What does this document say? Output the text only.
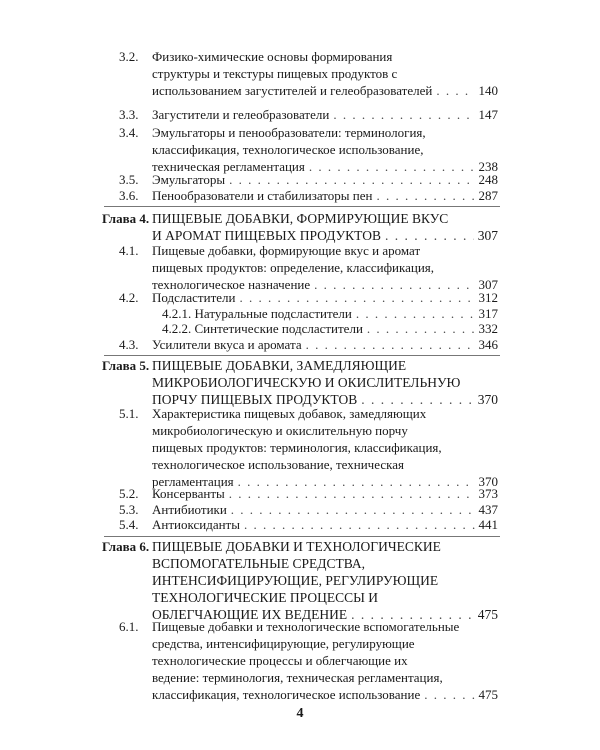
3.2. Физико-химические основы формирования
структуры и текстуры пищевых продуктов с
использованием загустителей и гелеобразователей . . .	140
3.3. Загустители и гелеобразователи . . .	147
3.4. Эмульгаторы и пенообразователи: терминология,
классификация, технологическое использование,
техническая регламентация . . .	238
3.5. Эмульгаторы . . .	248
3.6. Пенообразователи и стабилизаторы пен . . .	287
Глава 4. ПИЩЕВЫЕ ДОБАВКИ, ФОРМИРУЮЩИЕ ВКУС
И АРОМАТ ПИЩЕВЫХ ПРОДУКТОВ . . .	307
4.1. Пищевые добавки, формирующие вкус и аромат
пищевых продуктов: определение, классификация,
технологическое назначение . . .	307
4.2. Подсластители . . .	312
4.2.1. Натуральные подсластители . . .	317
4.2.2. Синтетические подсластители . . .	332
4.3. Усилители вкуса и аромата . . .	346
Глава 5. ПИЩЕВЫЕ ДОБАВКИ, ЗАМЕДЛЯЮЩИЕ
МИКРОБИОЛОГИЧЕСКУЮ И ОКИСЛИТЕЛЬНУЮ
ПОРЧУ ПИЩЕВЫХ ПРОДУКТОВ . . .	370
5.1. Характеристика пищевых добавок, замедляющих
микробиологическую и окислительную порчу
пищевых продуктов: терминология, классификация,
технологическое использование, техническая
регламентация . . .	370
5.2. Консерванты . . .	373
5.3. Антибиотики . . .	437
5.4. Антиоксиданты . . .	441
Глава 6. ПИЩЕВЫЕ ДОБАВКИ И ТЕХНОЛОГИЧЕСКИЕ
ВСПОМОГАТЕЛЬНЫЕ СРЕДСТВА,
ИНТЕНСИФИЦИРУЮЩИЕ, РЕГУЛИРУЮЩИЕ
ТЕХНОЛОГИЧЕСКИЕ ПРОЦЕССЫ И
ОБЛЕГЧАЮЩИЕ ИХ ВЕДЕНИЕ . . .	475
6.1. Пищевые добавки и технологические вспомогательные
средства, интенсифицирующие, регулирующие
технологические процессы и облегчающие их
ведение: терминология, техническая регламентация,
классификация, технологическое использование . . .	475
4
